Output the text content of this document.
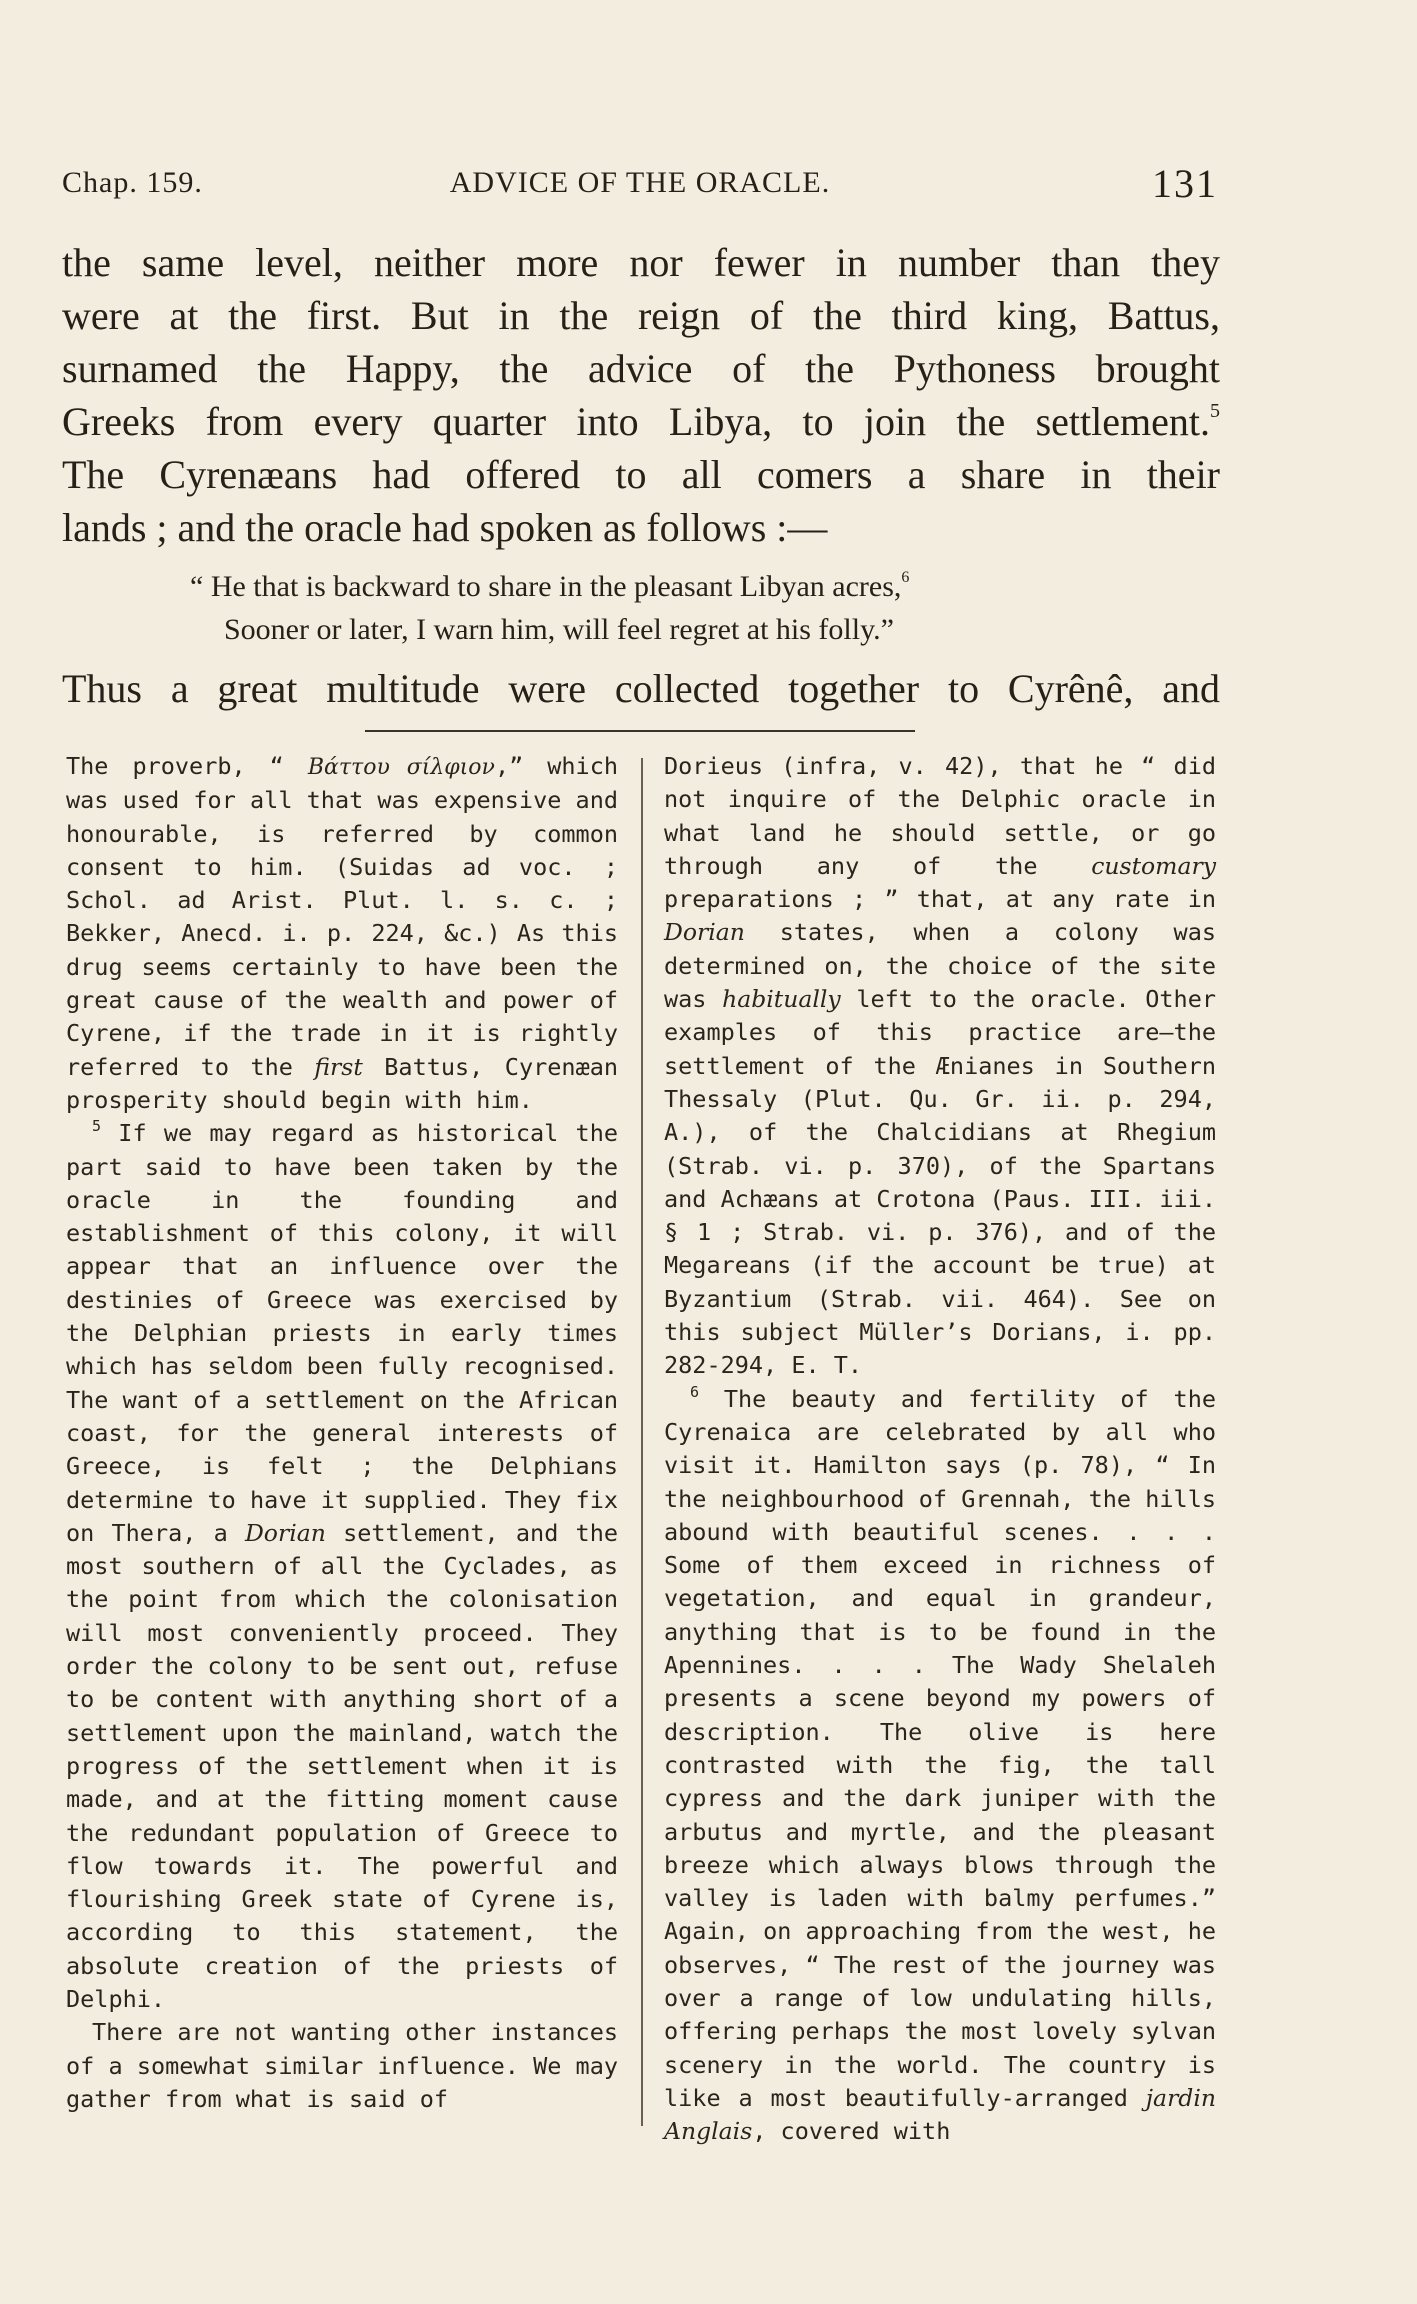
Chap. 159.	ADVICE OF THE ORACLE.	131

the same level, neither more nor fewer in number than they

were at the first. But in the reign of the third king, Battus,

surnamed the Happy, the advice of the Pythoness brought

Greeks from every quarter into Libya, to join the settlement.$^5$

The Cyrenæans had offered to all comers a share in their

lands ; and the oracle had spoken as follows :—

“ He that is backward to share in the pleasant Libyan acres,$^6$
Sooner or later, I warn him, will feel regret at his folly.”
Thus a great multitude were collected together to Cyrênê, and

The proverb, “ Βάττου σίλφιον,” which was used for all that was expensive and honourable, is referred by common consent to him. (Suidas ad voc. ; Schol. ad Arist. Plut. l. s. c. ; Bekker, Anecd. i. p. 224, &c.) As this drug seems certainly to have been the great cause of the wealth and power of Cyrene, if the trade in it is rightly referred to the first Battus, Cyrenæan prosperity should begin with him.

$^5$ If we may regard as historical the part said to have been taken by the oracle in the founding and establishment of this colony, it will appear that an influence over the destinies of Greece was exercised by the Delphian priests in early times which has seldom been fully recognised. The want of a settlement on the African coast, for the general interests of Greece, is felt ; the Delphians determine to have it supplied. They fix on Thera, a Dorian settlement, and the most southern of all the Cyclades, as the point from which the colonisation will most conveniently proceed. They order the colony to be sent out, refuse to be content with anything short of a settlement upon the mainland, watch the progress of the settlement when it is made, and at the fitting moment cause the redundant population of Greece to flow towards it. The powerful and flourishing Greek state of Cyrene is, according to this statement, the absolute creation of the priests of Delphi.

There are not wanting other instances of a somewhat similar influence. We may gather from what is said of

Dorieus (infra, v. 42), that he “ did not inquire of the Delphic oracle in what land he should settle, or go through any of the customary preparations ; ” that, at any rate in Dorian states, when a colony was determined on, the choice of the site was habitually left to the oracle. Other examples of this practice are—the settlement of the Ænianes in Southern Thessaly (Plut. Qu. Gr. ii. p. 294, A.), of the Chalcidians at Rhegium (Strab. vi. p. 370), of the Spartans and Achæans at Crotona (Paus. III. iii. § 1 ; Strab. vi. p. 376), and of the Megareans (if the account be true) at Byzantium (Strab. vii. 464). See on this subject Müller’s Dorians, i. pp. 282-294, E. T.

$^6$ The beauty and fertility of the Cyrenaica are celebrated by all who visit it. Hamilton says (p. 78), “ In the neighbourhood of Grennah, the hills abound with beautiful scenes. . . . Some of them exceed in richness of vegetation, and equal in grandeur, anything that is to be found in the Apennines. . . . The Wady Shelaleh presents a scene beyond my powers of description. The olive is here contrasted with the fig, the tall cypress and the dark juniper with the arbutus and myrtle, and the pleasant breeze which always blows through the valley is laden with balmy perfumes.” Again, on approaching from the west, he observes, “ The rest of the journey was over a range of low undulating hills, offering perhaps the most lovely sylvan scenery in the world. The country is like a most beautifully-arranged jardin Anglais, covered with
